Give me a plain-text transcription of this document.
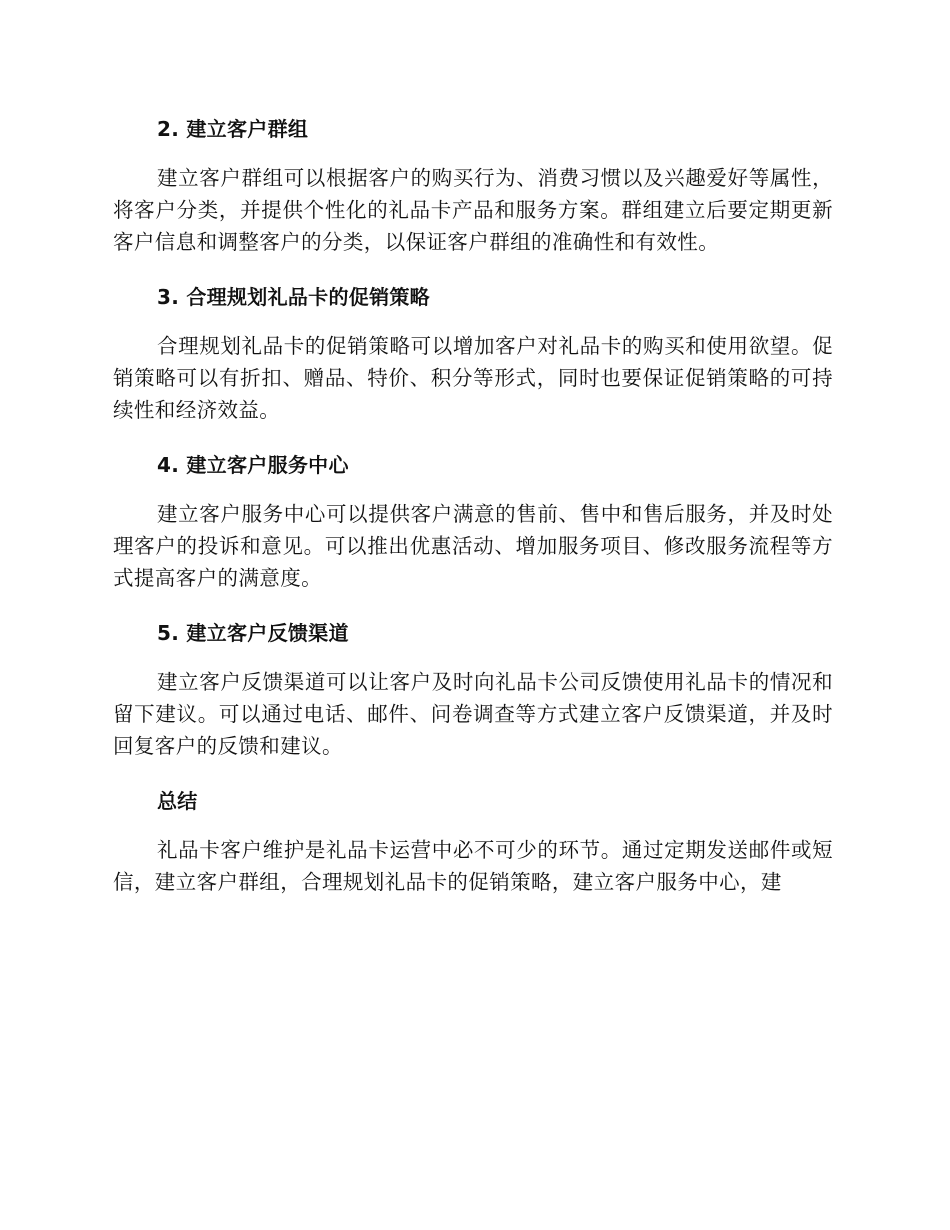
2. 建立客户群组

建立客户群组可以根据客户的购买行为、消费习惯以及兴趣爱好等属性，将客户分类，并提供个性化的礼品卡产品和服务方案。群组建立后要定期更新客户信息和调整客户的分类，以保证客户群组的准确性和有效性。

3. 合理规划礼品卡的促销策略

合理规划礼品卡的促销策略可以增加客户对礼品卡的购买和使用欲望。促销策略可以有折扣、赠品、特价、积分等形式，同时也要保证促销策略的可持续性和经济效益。

4. 建立客户服务中心

建立客户服务中心可以提供客户满意的售前、售中和售后服务，并及时处理客户的投诉和意见。可以推出优惠活动、增加服务项目、修改服务流程等方式提高客户的满意度。

5. 建立客户反馈渠道

建立客户反馈渠道可以让客户及时向礼品卡公司反馈使用礼品卡的情况和留下建议。可以通过电话、邮件、问卷调查等方式建立客户反馈渠道，并及时回复客户的反馈和建议。

总结

礼品卡客户维护是礼品卡运营中必不可少的环节。通过定期发送邮件或短信，建立客户群组，合理规划礼品卡的促销策略，建立客户服务中心，建
